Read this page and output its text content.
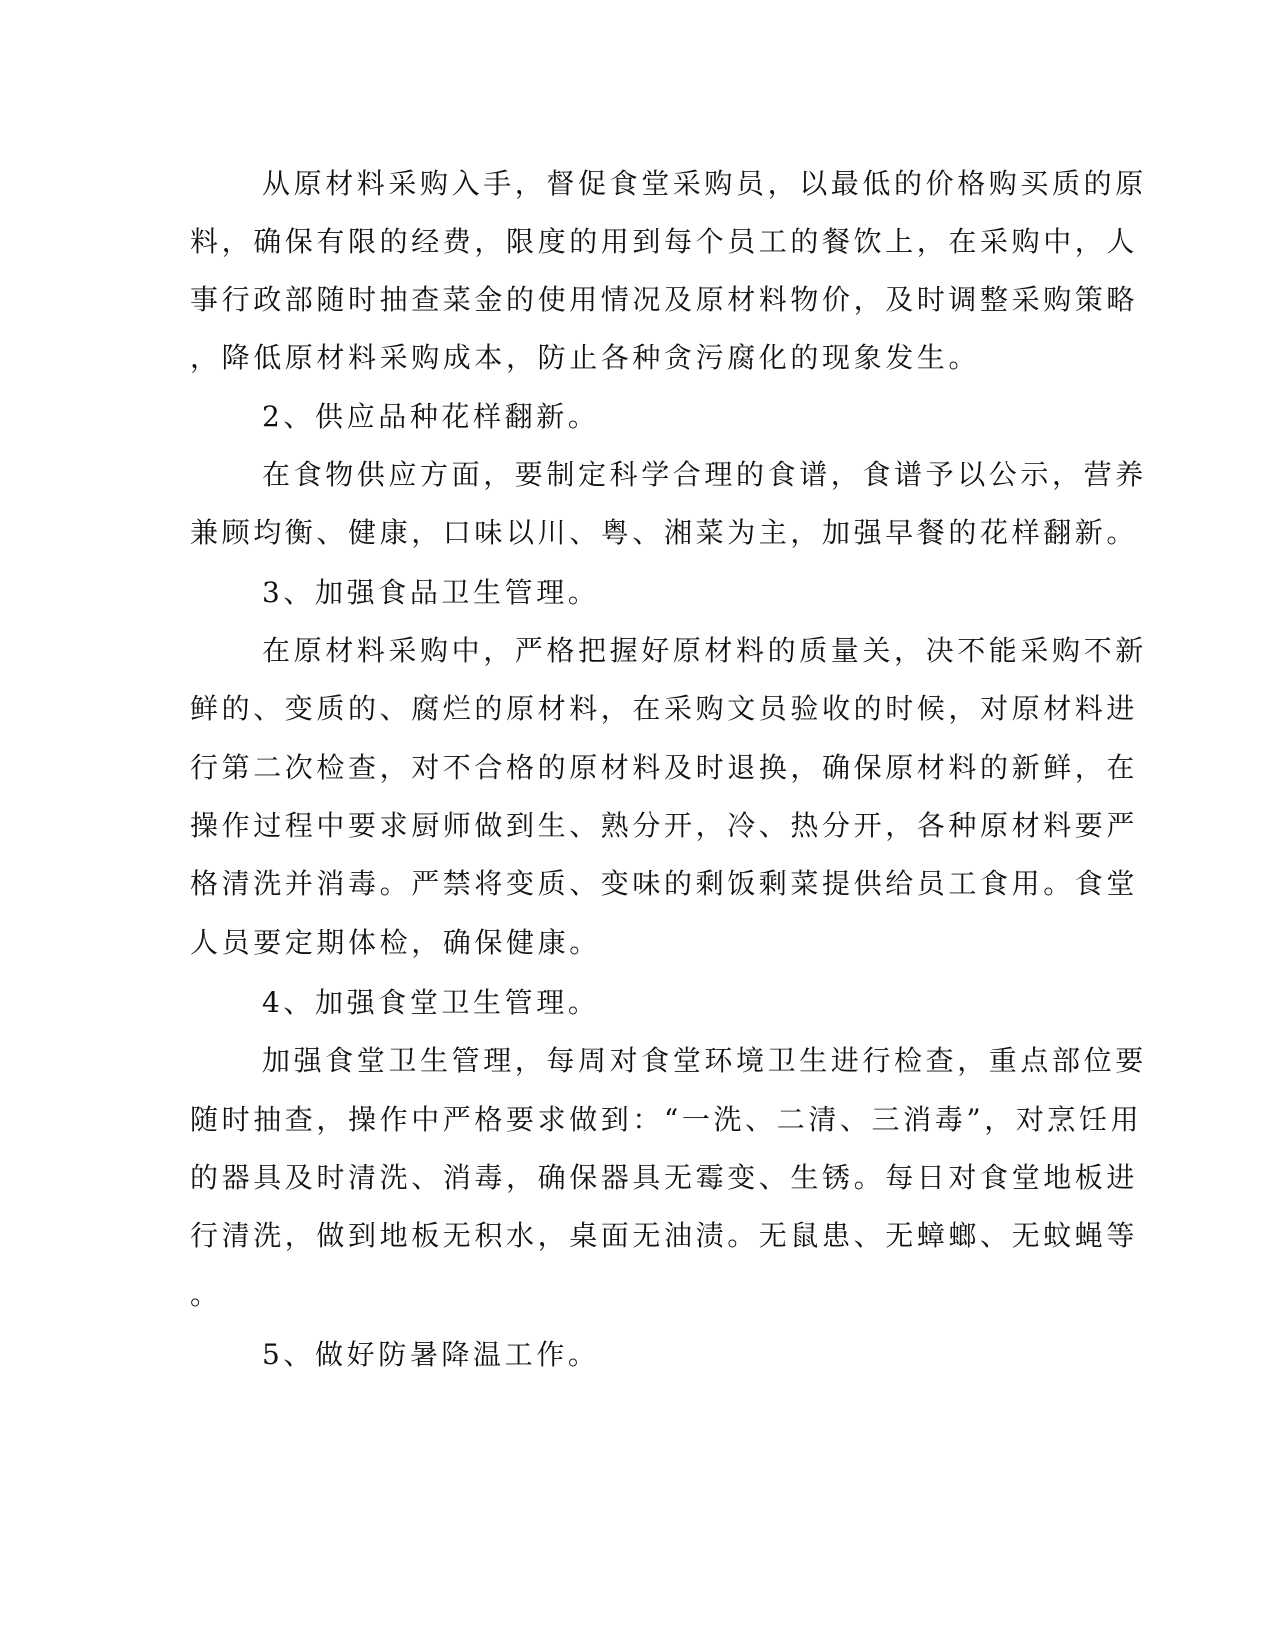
从原材料采购入手，督促食堂采购员，以最低的价格购买质的原
料，确保有限的经费，限度的用到每个员工的餐饮上，在采购中，人
事行政部随时抽查菜金的使用情况及原材料物价，及时调整采购策略
，降低原材料采购成本，防止各种贪污腐化的现象发生。
2、供应品种花样翻新。
在食物供应方面，要制定科学合理的食谱，食谱予以公示，营养
兼顾均衡、健康，口味以川、粤、湘菜为主，加强早餐的花样翻新。
3、加强食品卫生管理。
在原材料采购中，严格把握好原材料的质量关，决不能采购不新
鲜的、变质的、腐烂的原材料，在采购文员验收的时候，对原材料进
行第二次检查，对不合格的原材料及时退换，确保原材料的新鲜，在
操作过程中要求厨师做到生、熟分开，冷、热分开，各种原材料要严
格清洗并消毒。严禁将变质、变味的剩饭剩菜提供给员工食用。食堂
人员要定期体检，确保健康。
4、加强食堂卫生管理。
加强食堂卫生管理，每周对食堂环境卫生进行检查，重点部位要
随时抽查，操作中严格要求做到：“一洗、二清、三消毒”，对烹饪用
的器具及时清洗、消毒，确保器具无霉变、生锈。每日对食堂地板进
行清洗，做到地板无积水，桌面无油渍。无鼠患、无蟑螂、无蚊蝇等
。
5、做好防暑降温工作。
